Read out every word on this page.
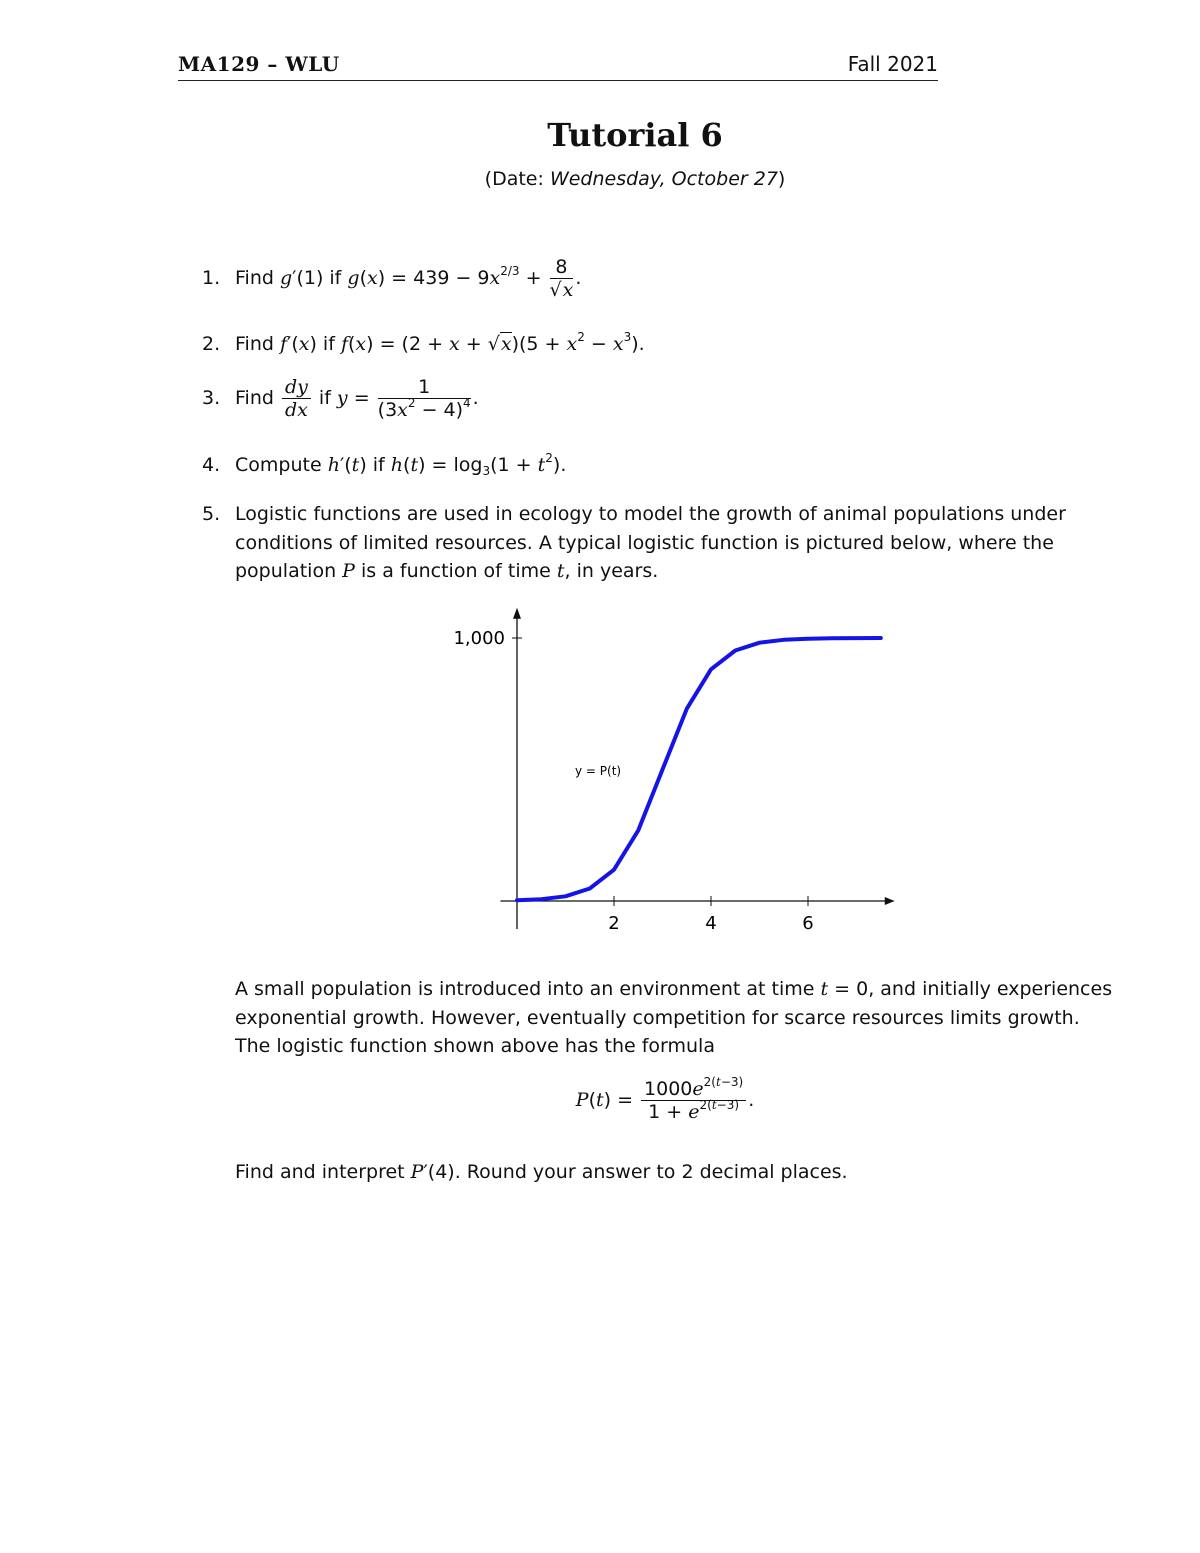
MA129 – WLU	Fall 2021
Tutorial 6
(Date: Wednesday, October 27)
1. Find g′(1) if $g(x) = 439 - 9x^{2/3} + \frac{8}{√x}$ .
2. Find f′(x) if $f(x) = (2 + x + √x)(5 + x^2 - x^3)$.
3. Find $\frac{dy}{dx}$ if $y = \frac{1}{(3x^2 - 4)^4}$ .
4. Compute h′(t) if $h(t) = \log_3(1 + t^2)$.
5. Logistic functions are used in ecology to model the growth of animal populations under conditions of limited resources. A typical logistic function is pictured below, where the population P is a function of time t, in years.
2	4	6
1,000
y = P(t)
A small population is introduced into an environment at time t = 0, and initially experiences exponential growth. However, eventually competition for scarce resources limits growth. The logistic function shown above has the formula
$P(t) = \frac{1000e^{2(t-3)}}{1 + e^{2(t-3)}}$ .
Find and interpret P′(4). Round your answer to 2 decimal places.
